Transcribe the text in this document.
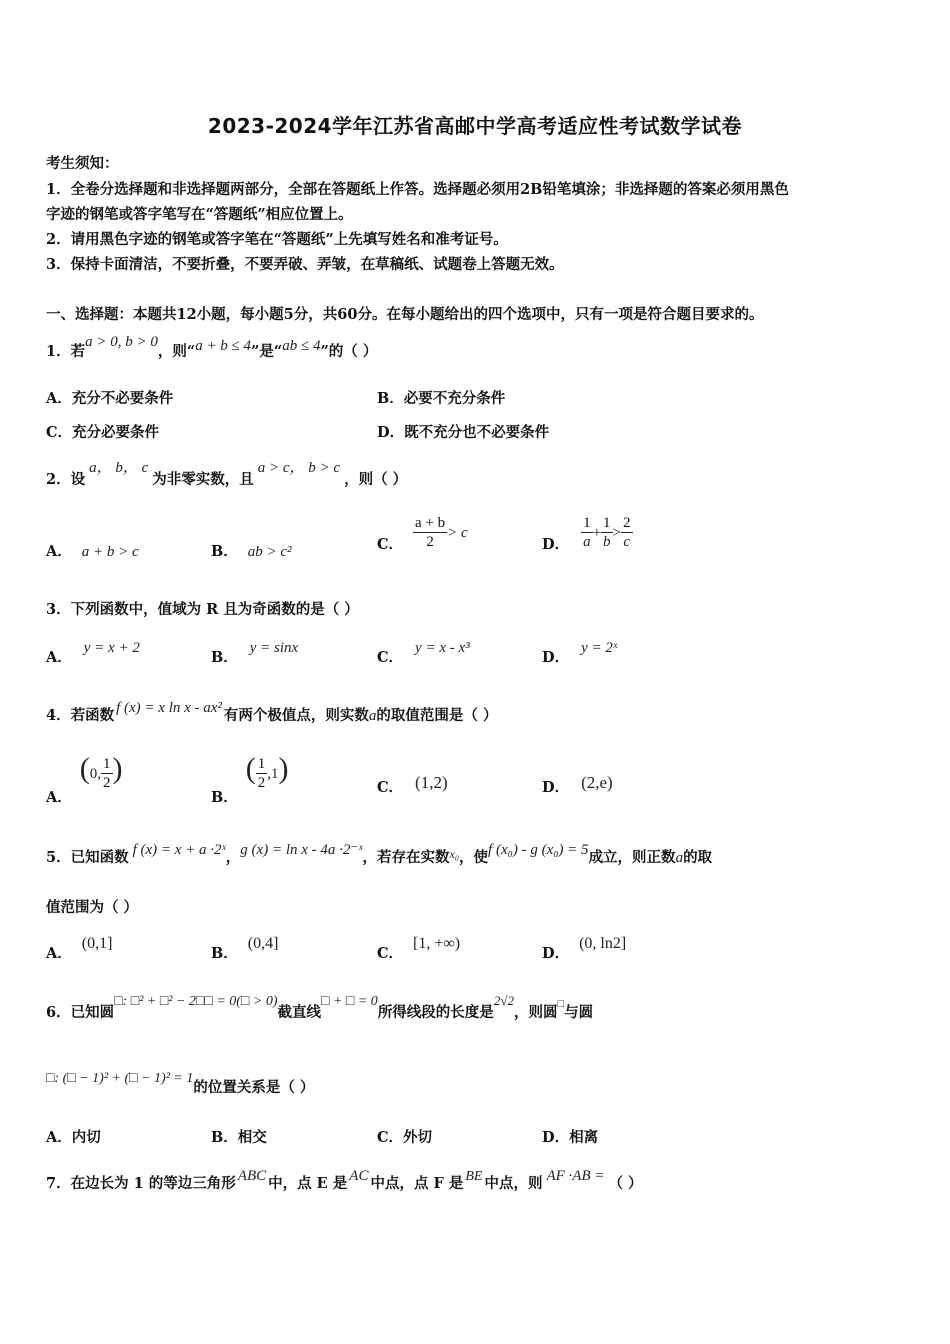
2023-2024学年江苏省高邮中学高考适应性考试数学试卷
考生须知：
1．全卷分选择题和非选择题两部分，全部在答题纸上作答。选择题必须用2B铅笔填涂；非选择题的答案必须用黑色
字迹的钢笔或答字笔写在“答题纸”相应位置上。
2．请用黑色字迹的钢笔或答字笔在“答题纸”上先填写姓名和准考证号。
3．保持卡面清洁，不要折叠，不要弄破、弄皱，在草稿纸、试题卷上答题无效。
一、选择题：本题共12小题，每小题5分，共60分。在每小题给出的四个选项中，只有一项是符合题目要求的。
1．若a > 0, b > 0，则“a + b ≤ 4”是“ab ≤ 4”的（ ）
A．充分不必要条件	B．必要不充分条件
C．充分必要条件	D．既不充分也不必要条件
2．设a， b， c为非零实数，且a > c， b > c，则（ ）
A． a + b > c	B． ab > c²	C． $\frac{a + b}{2} > c$
D． $\frac{1}{a} + \frac{1}{b} > \frac{2}{c}$
3．下列函数中，值域为 R 且为奇函数的是（ ）
A．y = x + 2
B．y = sinx
C．y = x - x³
D．y = 2ˣ
4．若函数 f (x) = x ln x - ax² 有两个极值点，则实数a的取值范围是（ ）
A．(0, $\frac{1}{2}$ )
B．( $\frac{1}{2} ,1$)
C． (1,2)	D． (2,e)
5．已知函数 f (x) = x + a ·2ˣ，g (x) = ln x - 4a ·2⁻ˣ，若存在实数$^{x_0}$，使f (x₀) - g (x₀) = 5成立，则正数a的取
值范围为（ ）
A．(0,1]
B．(0,4]
C．[1, +∞)
D．(0, ln2]
6．已知圆□: □² + □² − 2□□ = 0(□ > 0)截直线□ + □ = 0所得线段的长度是2√2，则圆□与圆
□: (□ − 1)² + (□ − 1)² = 1的位置关系是（ ）
A．内切	B．相交	C．外切	D．相离
7．在边长为 1 的等边三角形 ABC 中，点 E 是 AC 中点，点 F 是 BE 中点，则 AF ·AB = （ ）
